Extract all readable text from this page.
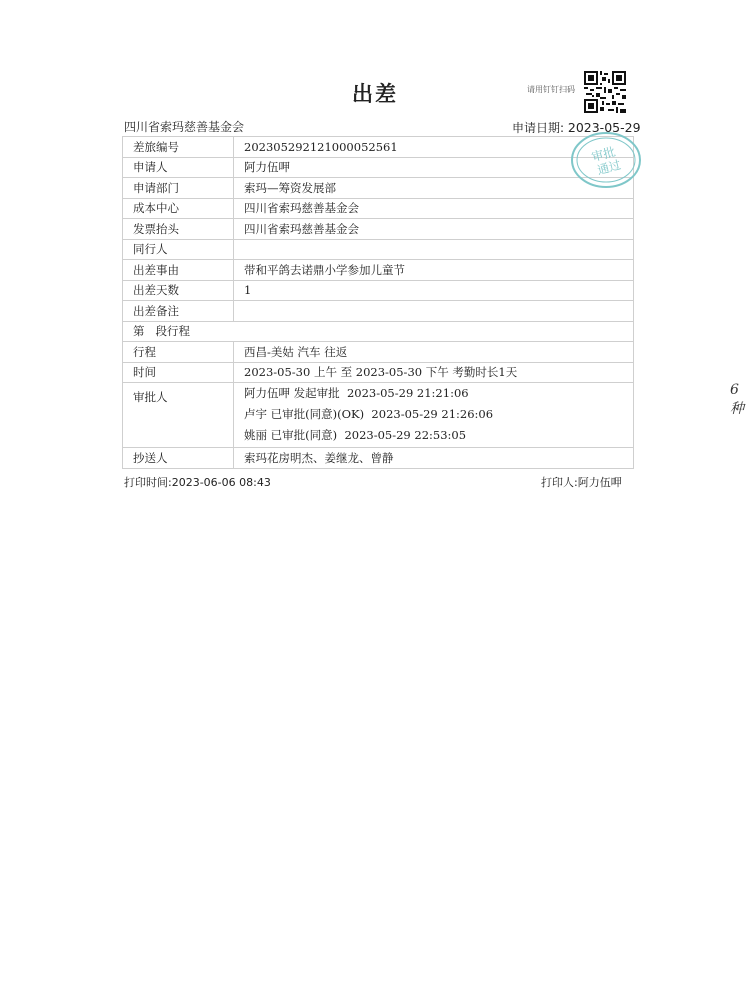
出差	请用钉钉扫码
四川省索玛慈善基金会	申请日期: 2023-05-29
差旅编号	202305292121000052561
申请人	阿力伍呷
申请部门	索玛—筹资发展部
成本中心	四川省索玛慈善基金会
发票抬头	四川省索玛慈善基金会
同行人	
出差事由	带和平鸽去诺鼎小学参加儿童节
出差天数	1
出差备注	
第   段行程	
行程	西昌-美姑 汽车 往返
时间	2023-05-30 上午 至 2023-05-30 下午 考勤时长1天
审批人	阿力伍呷 发起审批  2023-05-29 21:21:06
卢宇 已审批(同意)(OK)  2023-05-29 21:26:06
姚丽 已审批(同意)  2023-05-29 22:53:05

抄送人	索玛花房明杰、姜继龙、曾静
审批
通过
打印时间:2023-06-06 08:43	打印人:阿力伍呷
6种
